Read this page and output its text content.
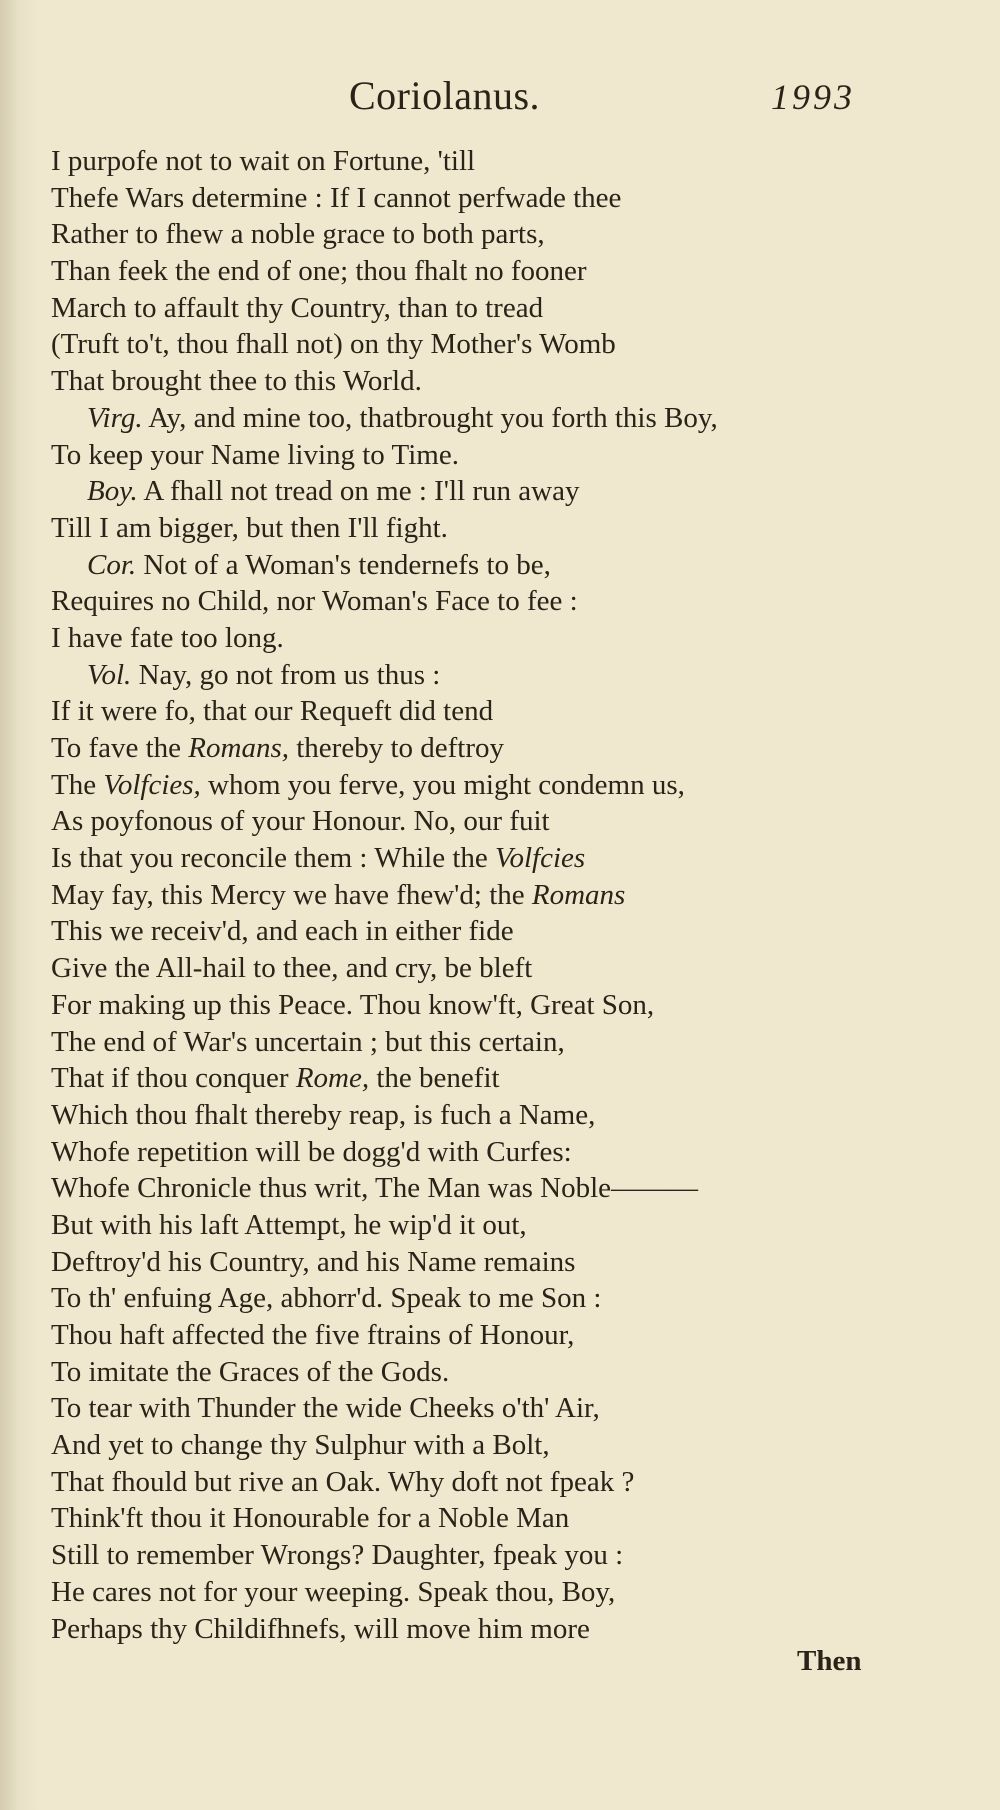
Coriolanus.	1993
I purpofe not to wait on Fortune, 'till
Thefe Wars determine : If I cannot perfwade thee
Rather to fhew a noble grace to both parts,
Than feek the end of one; thou fhalt no fooner
March to affault thy Country, than to tread
(Truft to't, thou fhall not) on thy Mother's Womb
That brought thee to this World.
Virg. Ay, and mine too, thatbrought you forth this Boy,
To keep your Name living to Time.
Boy. A fhall not tread on me : I'll run away
Till I am bigger, but then I'll fight.
Cor. Not of a Woman's tendernefs to be,
Requires no Child, nor Woman's Face to fee :
I have fate too long.
Vol. Nay, go not from us thus :
If it were fo, that our Requeft did tend
To fave the Romans, thereby to deftroy
The Volfcies, whom you ferve, you might condemn us,
As poyfonous of your Honour. No, our fuit
Is that you reconcile them : While the Volfcies
May fay, this Mercy we have fhew'd; the Romans
This we receiv'd, and each in either fide
Give the All-hail to thee, and cry, be bleft
For making up this Peace. Thou know'ft, Great Son,
The end of War's uncertain ; but this certain,
That if thou conquer Rome, the benefit
Which thou fhalt thereby reap, is fuch a Name,
Whofe repetition will be dogg'd with Curfes:
Whofe Chronicle thus writ, The Man was Noble———
But with his laft Attempt, he wip'd it out,
Deftroy'd his Country, and his Name remains
To th' enfuing Age, abhorr'd. Speak to me Son :
Thou haft affected the five ftrains of Honour,
To imitate the Graces of the Gods.
To tear with Thunder the wide Cheeks o'th' Air,
And yet to change thy Sulphur with a Bolt,
That fhould but rive an Oak. Why doft not fpeak ?
Think'ft thou it Honourable for a Noble Man
Still to remember Wrongs? Daughter, fpeak you :
He cares not for your weeping. Speak thou, Boy,
Perhaps thy Childifhnefs, will move him more
Then
